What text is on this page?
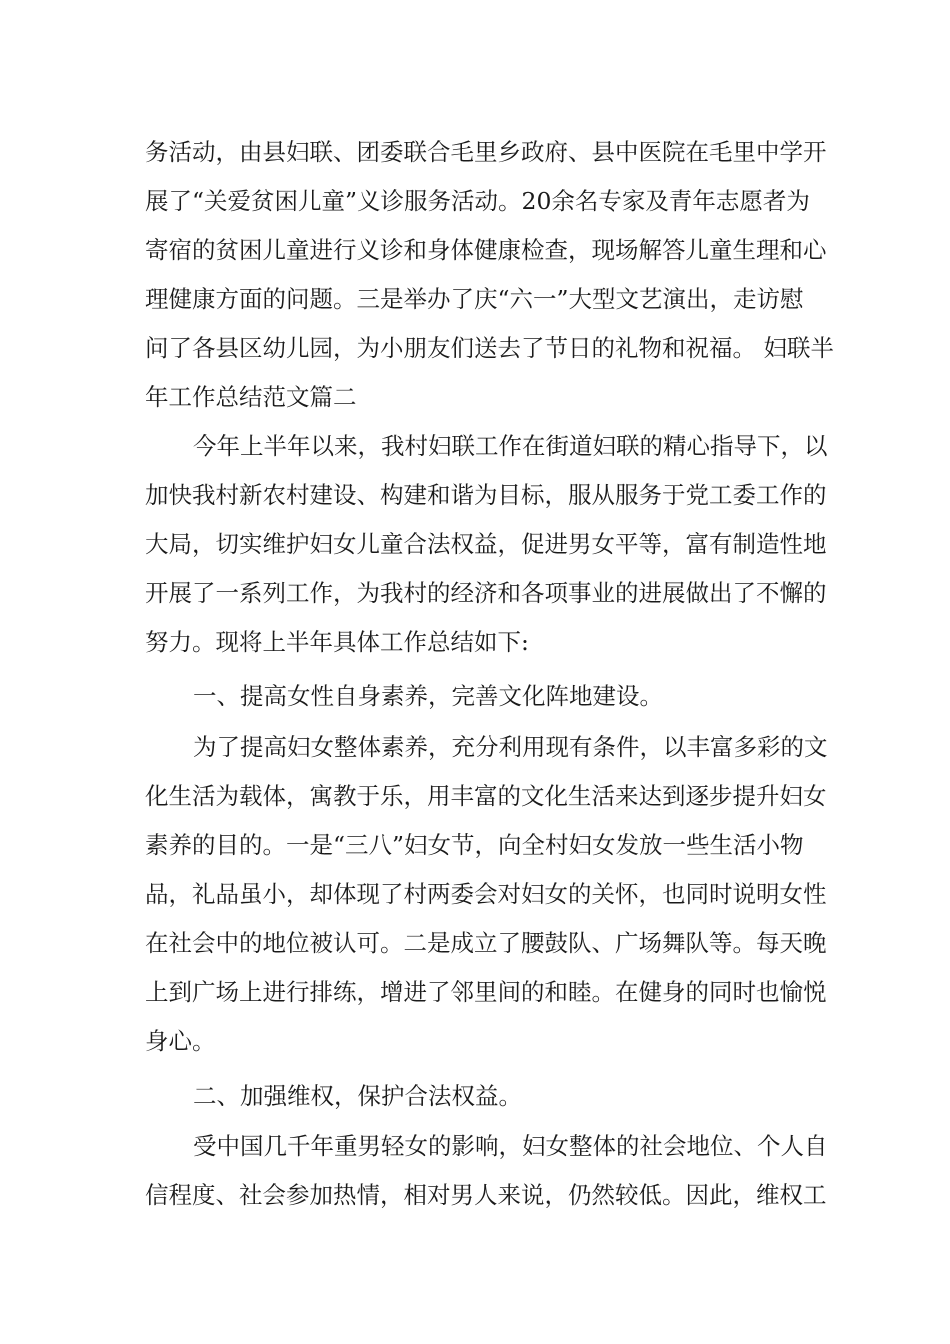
务活动，由县妇联、团委联合毛里乡政府、县中医院在毛里中学开
展了“关爱贫困儿童”义诊服务活动。20余名专家及青年志愿者为
寄宿的贫困儿童进行义诊和身体健康检查，现场解答儿童生理和心
理健康方面的问题。三是举办了庆“六一”大型文艺演出，走访慰
问了各县区幼儿园，为小朋友们送去了节日的礼物和祝福。 妇联半
年工作总结范文篇二
今年上半年以来，我村妇联工作在街道妇联的精心指导下，以
加快我村新农村建设、构建和谐为目标，服从服务于党工委工作的
大局，切实维护妇女儿童合法权益，促进男女平等，富有制造性地
开展了一系列工作，为我村的经济和各项事业的进展做出了不懈的
努力。现将上半年具体工作总结如下:
一、提高女性自身素养，完善文化阵地建设。
为了提高妇女整体素养，充分利用现有条件，以丰富多彩的文
化生活为载体，寓教于乐，用丰富的文化生活来达到逐步提升妇女
素养的目的。一是“三八”妇女节，向全村妇女发放一些生活小物
品，礼品虽小，却体现了村两委会对妇女的关怀，也同时说明女性
在社会中的地位被认可。二是成立了腰鼓队、广场舞队等。每天晚
上到广场上进行排练，增进了邻里间的和睦。在健身的同时也愉悦
身心。
二、加强维权，保护合法权益。
受中国几千年重男轻女的影响，妇女整体的社会地位、个人自
信程度、社会参加热情，相对男人来说，仍然较低。因此，维权工
